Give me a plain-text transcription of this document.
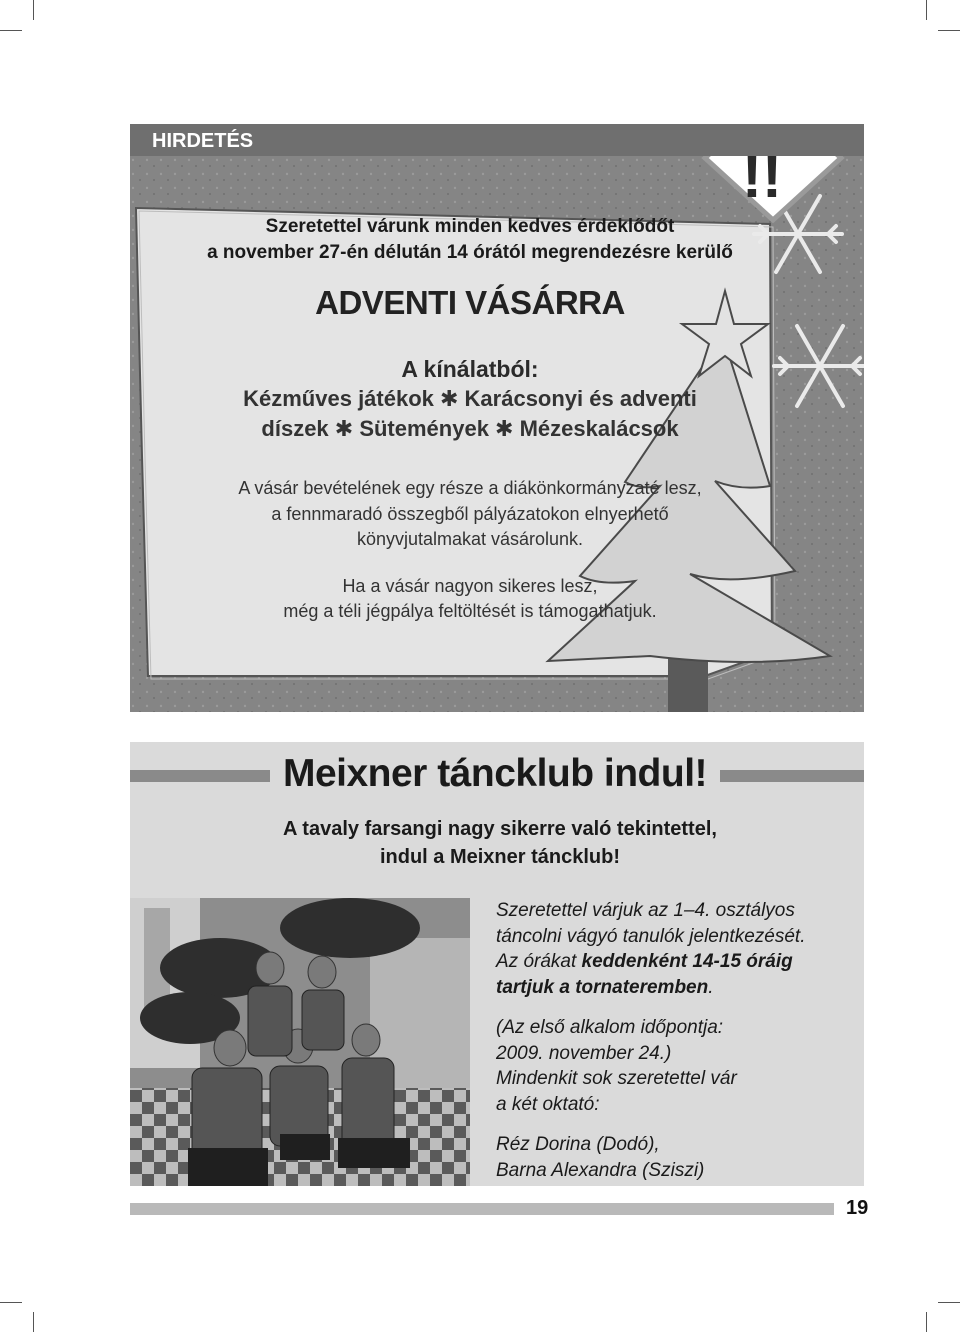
HIRDETÉS
!!
Szeretettel várunk minden kedves érdeklődőt
a november 27-én délután 14 órától megrendezésre kerülő
ADVENTI VÁSÁRRA
A kínálatból:
Kézműves játékok ✱ Karácsonyi és adventi
díszek ✱ Sütemények ✱ Mézeskalácsok
A vásár bevételének egy része a diákönkormányzaté lesz,
a fennmaradó összegből pályázatokon elnyerhető
könyvjutalmakat vásárolunk.
Ha a vásár nagyon sikeres lesz,
még a téli jégpálya feltöltését is támogathatjuk.
Meixner táncklub indul!
A tavaly farsangi nagy sikerre való tekintettel,
indul a Meixner táncklub!

Szeretettel várjuk az 1–4. osztályos

táncolni vágyó tanulók jelentkezését.

Az órákat keddenként 14-15 óráig

tartjuk a tornateremben.

(Az első alkalom időpontja:

2009. november 24.)

Mindenkit sok szeretettel vár

a két oktató:

Réz Dorina (Dodó),

Barna Alexandra (Sziszi)

19
